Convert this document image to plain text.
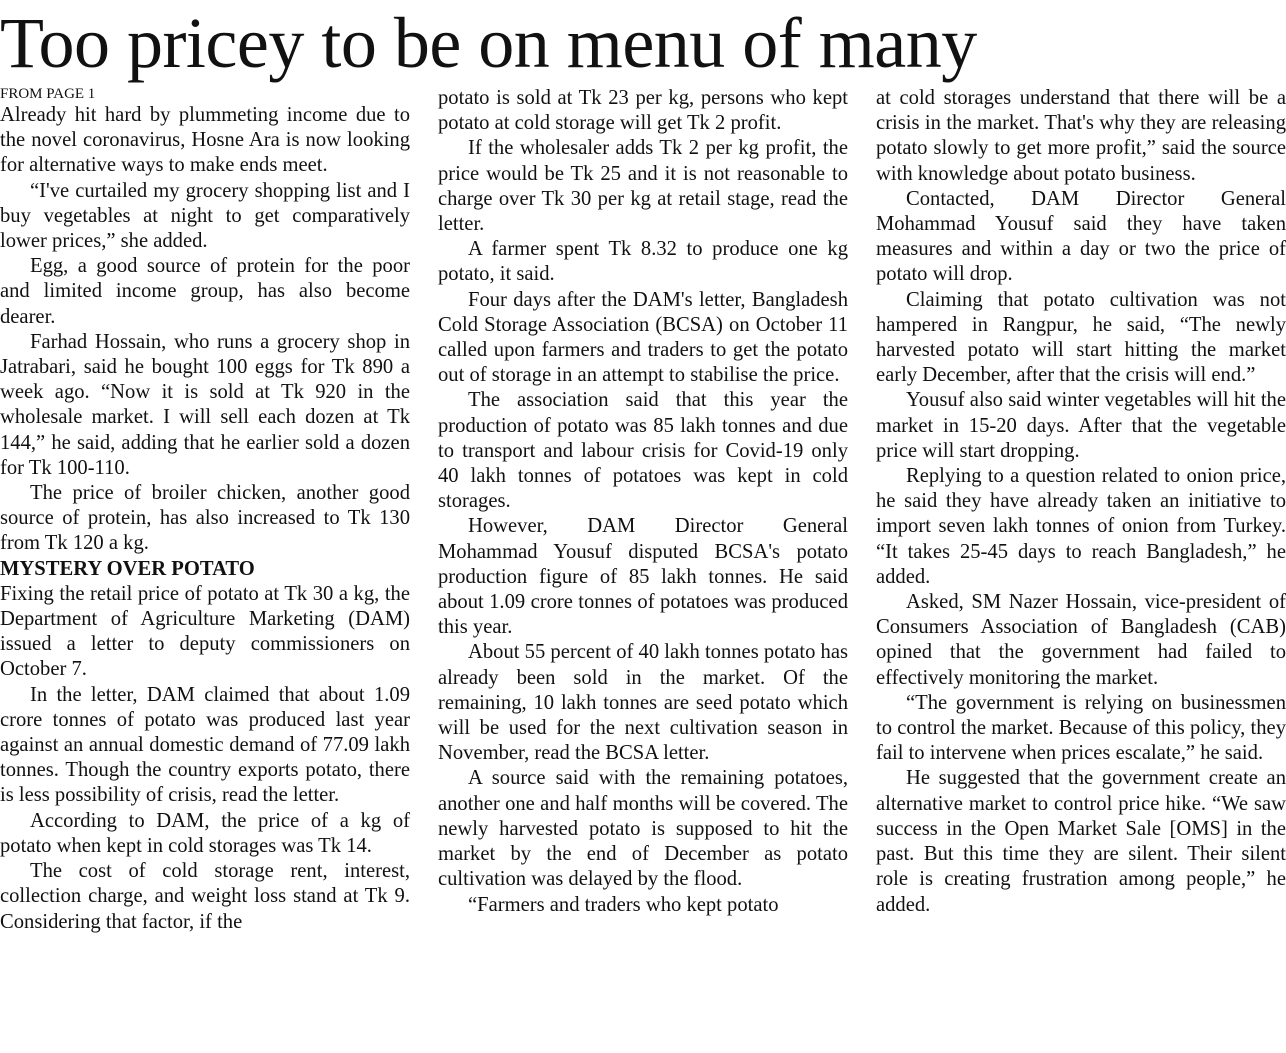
Too pricey to be on menu of many
FROM PAGE 1

Already hit hard by plummeting income due to the novel coronavirus, Hosne Ara is now looking for alternative ways to make ends meet.

“I've curtailed my grocery shopping list and I buy vegetables at night to get comparatively lower prices,” she added.

Egg, a good source of protein for the poor and limited income group, has also become dearer.

Farhad Hossain, who runs a grocery shop in Jatrabari, said he bought 100 eggs for Tk 890 a week ago. “Now it is sold at Tk 920 in the wholesale market. I will sell each dozen at Tk 144,” he said, adding that he earlier sold a dozen for Tk 100-110.

The price of broiler chicken, another good source of protein, has also increased to Tk 130 from Tk 120 a kg.

MYSTERY OVER POTATO

Fixing the retail price of potato at Tk 30 a kg, the Department of Agriculture Marketing (DAM) issued a letter to deputy commissioners on October 7.

In the letter, DAM claimed that about 1.09 crore tonnes of potato was produced last year against an annual domestic demand of 77.09 lakh tonnes. Though the country exports potato, there is less possibility of crisis, read the letter.

According to DAM, the price of a kg of potato when kept in cold storages was Tk 14.

The cost of cold storage rent, interest, collection charge, and weight loss stand at Tk 9. Considering that factor, if the

potato is sold at Tk 23 per kg, persons who kept potato at cold storage will get Tk 2 profit.

If the wholesaler adds Tk 2 per kg profit, the price would be Tk 25 and it is not reasonable to charge over Tk 30 per kg at retail stage, read the letter.

A farmer spent Tk 8.32 to produce one kg potato, it said.

Four days after the DAM's letter, Bangladesh Cold Storage Association (BCSA) on October 11 called upon farmers and traders to get the potato out of storage in an attempt to stabilise the price.

The association said that this year the production of potato was 85 lakh tonnes and due to transport and labour crisis for Covid-19 only 40 lakh tonnes of potatoes was kept in cold storages.

However, DAM Director General Mohammad Yousuf disputed BCSA's potato production figure of 85 lakh tonnes. He said about 1.09 crore tonnes of potatoes was produced this year.

About 55 percent of 40 lakh tonnes potato has already been sold in the market. Of the remaining, 10 lakh tonnes are seed potato which will be used for the next cultivation season in November, read the BCSA letter.

A source said with the remaining potatoes, another one and half months will be covered. The newly harvested potato is supposed to hit the market by the end of December as potato cultivation was delayed by the flood.

“Farmers and traders who kept potato

at cold storages understand that there will be a crisis in the market. That's why they are releasing potato slowly to get more profit,” said the source with knowledge about potato business.

Contacted, DAM Director General Mohammad Yousuf said they have taken measures and within a day or two the price of potato will drop.

Claiming that potato cultivation was not hampered in Rangpur, he said, “The newly harvested potato will start hitting the market early December, after that the crisis will end.”

Yousuf also said winter vegetables will hit the market in 15-20 days. After that the vegetable price will start dropping.

Replying to a question related to onion price, he said they have already taken an initiative to import seven lakh tonnes of onion from Turkey. “It takes 25-45 days to reach Bangladesh,” he added.

Asked, SM Nazer Hossain, vice-president of Consumers Association of Bangladesh (CAB) opined that the government had failed to effectively monitoring the market.

“The government is relying on businessmen to control the market. Because of this policy, they fail to intervene when prices escalate,” he said.

He suggested that the government create an alternative market to control price hike. “We saw success in the Open Market Sale [OMS] in the past. But this time they are silent. Their silent role is creating frustration among people,” he added.
